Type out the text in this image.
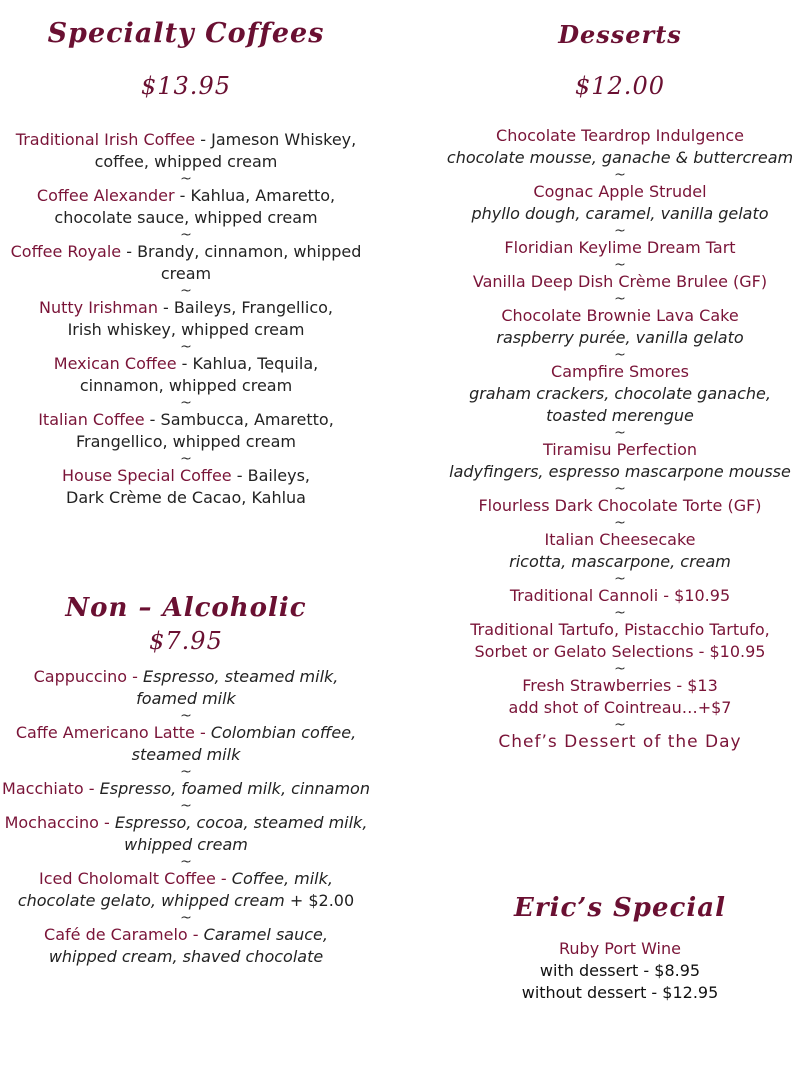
Specialty Coffees
$13.95
Traditional Irish Coffee - Jameson Whiskey,
coffee, whipped cream
~
Coffee Alexander - Kahlua, Amaretto,
chocolate sauce, whipped cream
~
Coffee Royale - Brandy, cinnamon, whipped
cream
~
Nutty Irishman - Baileys, Frangellico,
Irish whiskey, whipped cream
~
Mexican Coffee - Kahlua, Tequila,
cinnamon, whipped cream
~
Italian Coffee - Sambucca, Amaretto,
Frangellico, whipped cream
~
House Special Coffee - Baileys,
Dark Crème de Cacao, Kahlua
Non – Alcoholic
$7.95
Cappuccino - Espresso, steamed milk,
foamed milk
~
Caffe Americano Latte - Colombian coffee,
steamed milk
~
Macchiato - Espresso, foamed milk, cinnamon
~
Mochaccino - Espresso, cocoa, steamed milk,
whipped cream
~
Iced Cholomalt Coffee - Coffee, milk,
chocolate gelato, whipped cream + $2.00
~
Café de Caramelo - Caramel sauce,
whipped cream, shaved chocolate
Desserts
$12.00
Chocolate Teardrop Indulgence
chocolate mousse, ganache & buttercream
~
Cognac Apple Strudel
phyllo dough, caramel, vanilla gelato
~
Floridian Keylime Dream Tart
~
Vanilla Deep Dish Crème Brulee (GF)
~
Chocolate Brownie Lava Cake
raspberry purée, vanilla gelato
~
Campfire Smores
graham crackers, chocolate ganache,
toasted merengue
~
Tiramisu Perfection
ladyfingers, espresso mascarpone mousse
~
Flourless Dark Chocolate Torte (GF)
~
Italian Cheesecake
ricotta, mascarpone, cream
~
Traditional Cannoli - $10.95
~
Traditional Tartufo, Pistacchio Tartufo,
Sorbet or Gelato Selections - $10.95
~
Fresh Strawberries - $13
add shot of Cointreau…+$7
~
Chef’s Dessert of the Day
Eric’s Special
Ruby Port Wine
with dessert - $8.95
without dessert - $12.95
